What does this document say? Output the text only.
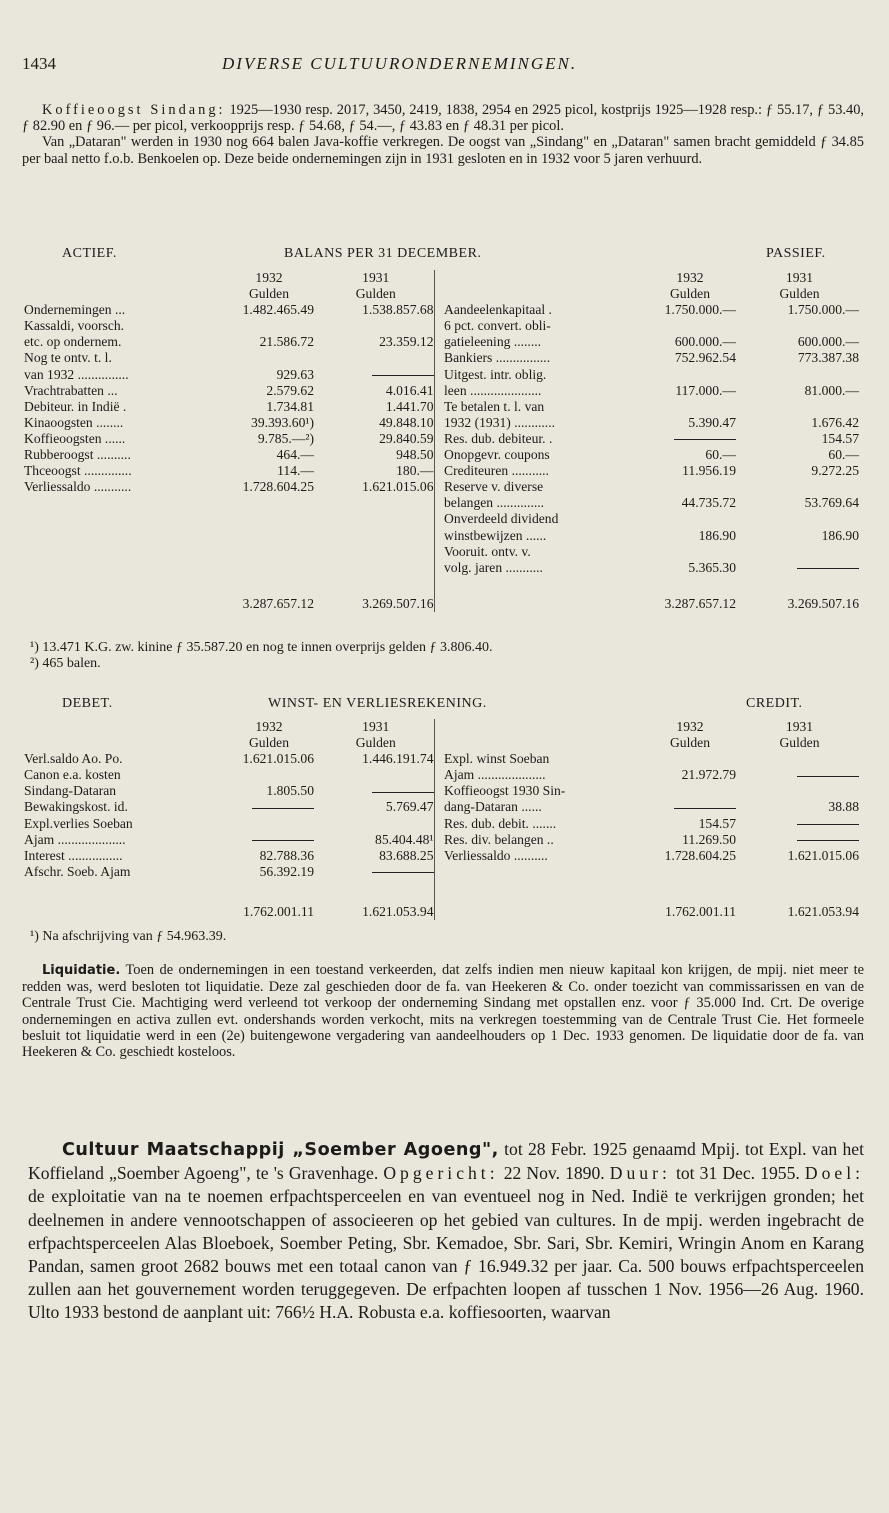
1434	DIVERSE CULTUURONDERNEMINGEN.

Koffieoogst Sindang: 1925—1930 resp. 2017, 3450, 2419, 1838, 2954 en 2925 picol, kostprijs 1925—1928 resp.: ƒ 55.17, ƒ 53.40, ƒ 82.90 en ƒ 96.— per picol, verkoopprijs resp. ƒ 54.68, ƒ 54.—, ƒ 43.83 en ƒ 48.31 per picol.

Van „Dataran" werden in 1930 nog 664 balen Java-koffie verkregen. De oogst van „Sindang" en „Dataran" samen bracht gemiddeld ƒ 34.85 per baal netto f.o.b. Benkoelen op. Deze beide ondernemingen zijn in 1931 gesloten en in 1932 voor 5 jaren verhuurd.

ACTIEF.	BALANS PER 31 DECEMBER.	PASSIEF.
	1932	1931			1932	1931
	Gulden	Gulden			Gulden	Gulden
Ondernemingen ...	1.482.465.49	1.538.857.68		Aandeelenkapitaal .	1.750.000.—	1.750.000.—
Kassaldi, voorsch.				6 pct. convert. obli-		
etc. op ondernem.	21.586.72	23.359.12		gatieleening ........	600.000.—	600.000.—
Nog te ontv. t. l.				Bankiers ................	752.962.54	773.387.38
van 1932 ...............	929.63			Uitgest. intr. oblig.		
Vrachtrabatten ...	2.579.62	4.016.41		leen .....................	117.000.—	81.000.—
Debiteur. in Indië .	1.734.81	1.441.70		Te betalen t. l. van		
Kinaoogsten ........	39.393.60¹)	49.848.10		1932 (1931) ............	5.390.47	1.676.42
Koffieoogsten ......	9.785.—²)	29.840.59		Res. dub. debiteur. .		154.57
Rubberoogst ..........	464.—	948.50		Onopgevr. coupons	60.—	60.—
Thceoogst ..............	114.—	180.—		Crediteuren ...........	11.956.19	9.272.25
Verliessaldo ...........	1.728.604.25	1.621.015.06		Reserve v. diverse		
				belangen ..............	44.735.72	53.769.64
				Onverdeeld dividend		
				winstbewijzen ......	186.90	186.90
				Vooruit. ontv. v.		
				volg. jaren ...........	5.365.30	

	3.287.657.12	3.269.507.16			3.287.657.12	3.269.507.16
¹) 13.471 K.G. zw. kinine ƒ 35.587.20 en nog te innen overprijs gelden ƒ 3.806.40.
²) 465 balen.
DEBET.	WINST- EN VERLIESREKENING.	CREDIT.
	1932	1931			1932	1931
	Gulden	Gulden			Gulden	Gulden
Verl.saldo Ao. Po.	1.621.015.06	1.446.191.74		Expl. winst Soeban		
Canon e.a. kosten				Ajam ....................	21.972.79	
Sindang-Dataran	1.805.50			Koffieoogst 1930 Sin-		
Bewakingskost. id.		5.769.47		dang-Dataran ......		38.88
Expl.verlies Soeban				Res. dub. debit. .......	154.57	
Ajam ....................		85.404.48¹		Res. div. belangen ..	11.269.50	
Interest ................	82.788.36	83.688.25		Verliessaldo ..........	1.728.604.25	1.621.015.06
Afschr. Soeb. Ajam	56.392.19					

	1.762.001.11	1.621.053.94			1.762.001.11	1.621.053.94
¹) Na afschrijving van ƒ 54.963.39.

Liquidatie. Toen de ondernemingen in een toestand verkeerden, dat zelfs indien men nieuw kapitaal kon krijgen, de mpij. niet meer te redden was, werd besloten tot liquidatie. Deze zal geschieden door de fa. van Heekeren & Co. onder toezicht van commissarissen en van de Centrale Trust Cie. Machtiging werd verleend tot verkoop der onderneming Sindang met opstallen enz. voor ƒ 35.000 Ind. Crt. De overige ondernemingen en activa zullen evt. ondershands worden verkocht, mits na verkregen toestemming van de Centrale Trust Cie. Het formeele besluit tot liquidatie werd in een (2e) buitengewone vergadering van aandeelhouders op 1 Dec. 1933 genomen. De liquidatie door de fa. van Heekeren & Co. geschiedt kosteloos.

Cultuur Maatschappij „Soember Agoeng", tot 28 Febr. 1925 genaamd Mpij. tot Expl. van het Koffieland „Soember Agoeng", te 's Gravenhage. Opgericht: 22 Nov. 1890. Duur: tot 31 Dec. 1955. Doel: de exploitatie van na te noemen erfpachtsperceelen en van eventueel nog in Ned. Indië te verkrijgen gronden; het deelnemen in andere vennootschappen of associeeren op het gebied van cultures. In de mpij. werden ingebracht de erfpachtsperceelen Alas Bloeboek, Soember Peting, Sbr. Kemadoe, Sbr. Sari, Sbr. Kemiri, Wringin Anom en Karang Pandan, samen groot 2682 bouws met een totaal canon van ƒ 16.949.32 per jaar. Ca. 500 bouws erfpachtsperceelen zullen aan het gouvernement worden teruggegeven. De erfpachten loopen af tusschen 1 Nov. 1956—26 Aug. 1960. Ulto 1933 bestond de aanplant uit: 766½ H.A. Robusta e.a. koffiesoorten, waarvan
